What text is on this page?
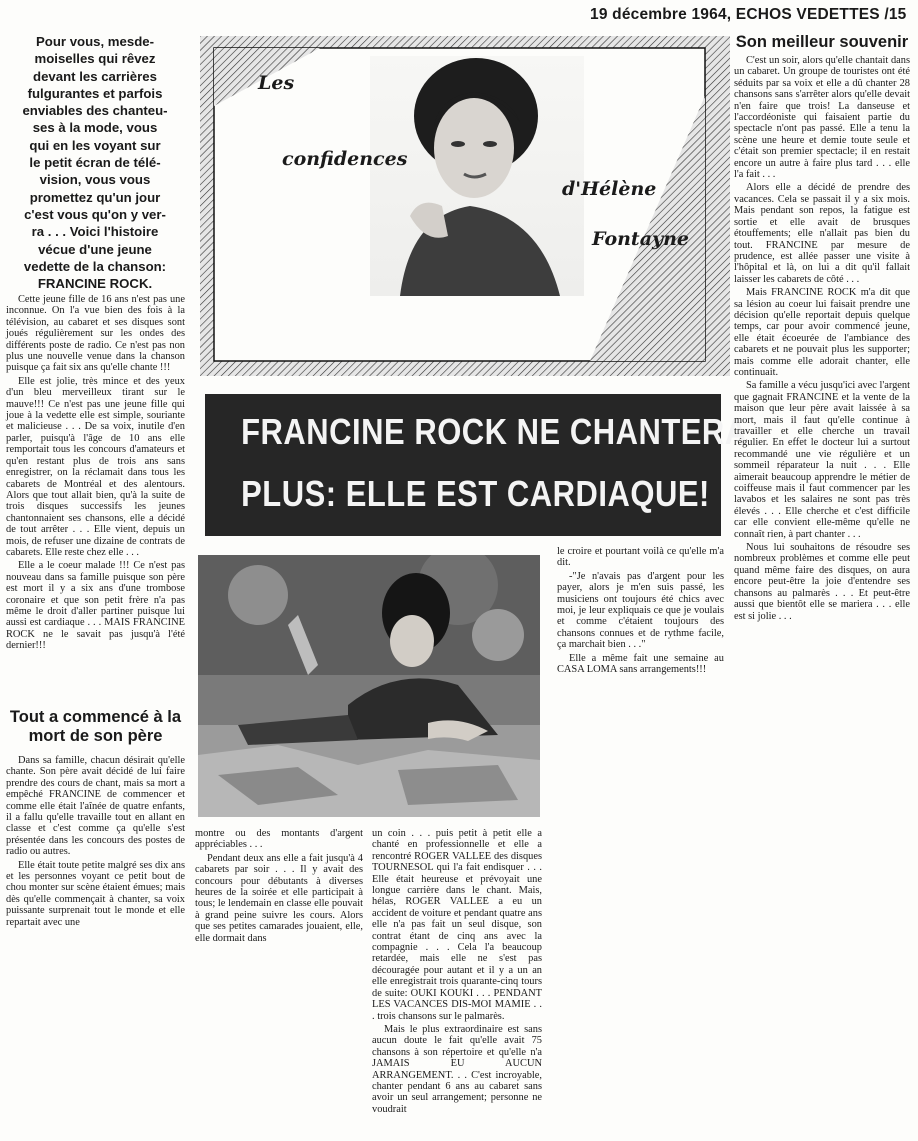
19 décembre 1964, ECHOS VEDETTES /15
Pour vous, mesde-
moiselles qui rêvez
devant les carrières
fulgurantes et parfois
enviables des chanteu-
ses à la mode, vous
qui en les voyant sur
le petit écran de télé-
vision, vous vous
promettez qu'un jour
c'est vous qu'on y ver-
ra . . . Voici l'histoire
vécue d'une jeune
vedette de la chanson:
FRANCINE ROCK.

Cette jeune fille de 16 ans n'est pas une inconnue. On l'a vue bien des fois à la télévision, au cabaret et ses disques sont joués régulièrement sur les ondes des différents poste de radio. Ce n'est pas non plus une nouvelle venue dans la chanson puisque ça fait six ans qu'elle chante !!!

Elle est jolie, très mince et des yeux d'un bleu merveilleux tirant sur le mauve!!! Ce n'est pas une jeune fille qui joue à la vedette elle est simple, souriante et malicieuse . . . De sa voix, inutile d'en parler, puisqu'à l'âge de 10 ans elle remportait tous les concours d'amateurs et qu'en restant plus de trois ans sans enregistrer, on la réclamait dans tous les cabarets de Montréal et des alentours. Alors que tout allait bien, qu'à la suite de trois disques successifs les jeunes chantonnaient ses chansons, elle a décidé de tout arrêter . . . Elle vient, depuis un mois, de refuser une dizaine de contrats de cabarets. Elle reste chez elle . . .

Elle a le coeur malade !!! Ce n'est pas nouveau dans sa famille puisque son père est mort il y a six ans d'une trombose coronaire et que son petit frère n'a pas même le droit d'aller partiner puisque lui aussi est cardiaque . . . MAIS FRANCINE ROCK ne le savait pas jusqu'à l'été dernier!!!

Tout a commencé à la mort de son père

Dans sa famille, chacun désirait qu'elle chante. Son père avait décidé de lui faire prendre des cours de chant, mais sa mort a empêché FRANCINE de commencer et comme elle était l'aînée de quatre enfants, il a fallu qu'elle travaille tout en allant en classe et c'est comme ça qu'elle s'est présentée dans les concours des postes de radio ou autres.

Elle était toute petite malgré ses dix ans et les personnes voyant ce petit bout de chou monter sur scène étaient émues; mais dès qu'elle commençait à chanter, sa voix puissante surprenait tout le monde et elle repartait avec une

Les
confidences
d'Hélène
Fontayne
FRANCINE ROCK NE CHANTERA
PLUS: ELLE EST CARDIAQUE!

le croire et pourtant voilà ce qu'elle m'a dit.

-"Je n'avais pas d'argent pour les payer, alors je m'en suis passé, les musiciens ont toujours été chics avec moi, je leur expliquais ce que je voulais et comme c'étaient toujours des chansons connues et de rythme facile, ça marchait bien . . ."

Elle a même fait une semaine au CASA LOMA sans arrangements!!!

montre ou des montants d'argent appréciables . . .

Pendant deux ans elle a fait jusqu'à 4 cabarets par soir . . . Il y avait des concours pour débutants à diverses heures de la soirée et elle participait à tous; le lendemain en classe elle pouvait à grand peine suivre les cours. Alors que ses petites camarades jouaient, elle, elle dormait dans

un coin . . . puis petit à petit elle a chanté en professionnelle et elle a rencontré ROGER VALLEE des disques TOURNESOL qui l'a fait endisquer . . . Elle était heureuse et prévoyait une longue carrière dans le chant. Mais, hélas, ROGER VALLEE a eu un accident de voiture et pendant quatre ans elle n'a pas fait un seul disque, son contrat étant de cinq ans avec la compagnie . . . Cela l'a beaucoup retardée, mais elle ne s'est pas découragée pour autant et il y a un an elle enregistrait trois quarante-cinq tours de suite: OUKI KOUKI . . . PENDANT LES VACANCES DIS-MOI MAMIE . . . trois chansons sur le palmarès.

Mais le plus extraordinaire est sans aucun doute le fait qu'elle avait 75 chansons à son répertoire et qu'elle n'a JAMAIS EU AUCUN ARRANGEMENT. . . C'est incroyable, chanter pendant 6 ans au cabaret sans avoir un seul arrangement; personne ne voudrait

Son meilleur souvenir

C'est un soir, alors qu'elle chantait dans un cabaret. Un groupe de touristes ont été séduits par sa voix et elle a dû chanter 28 chansons sans s'arrêter alors qu'elle devait n'en faire que trois! La danseuse et l'accordéoniste qui faisaient partie du spectacle n'ont pas passé. Elle a tenu la scène une heure et demie toute seule et c'était son premier spectacle; il en restait encore un autre à faire plus tard . . . elle l'a fait . . .

Alors elle a décidé de prendre des vacances. Cela se passait il y a six mois. Mais pendant son repos, la fatigue est sortie et elle avait de brusques étouffements; elle n'allait pas bien du tout. FRANCINE par mesure de prudence, est allée passer une visite à l'hôpital et là, on lui a dit qu'il fallait laisser les cabarets de côté . . .

Mais FRANCINE ROCK m'a dit que sa lésion au coeur lui faisait prendre une décision qu'elle reportait depuis quelque temps, car pour avoir commencé jeune, elle était écoeurée de l'ambiance des cabarets et ne pouvait plus les supporter; mais comme elle adorait chanter, elle continuait.

Sa famille a vécu jusqu'ici avec l'argent que gagnait FRANCINE et la vente de la maison que leur père avait laissée à sa mort, mais il faut qu'elle continue à travailler et elle cherche un travail régulier. En effet le docteur lui a surtout recommandé une vie régulière et un sommeil réparateur la nuit . . . Elle aimerait beaucoup apprendre le métier de coiffeuse mais il faut commencer par les lavabos et les salaires ne sont pas très élevés . . . Elle cherche et c'est difficile car elle convient elle-même qu'elle ne connaît rien, à part chanter . . .

Nous lui souhaitons de résoudre ses nombreux problèmes et comme elle peut quand même faire des disques, on aura encore peut-être la joie d'entendre ses chansons au palmarès . . . Et peut-être aussi que bientôt elle se mariera . . . elle est si jolie . . .
